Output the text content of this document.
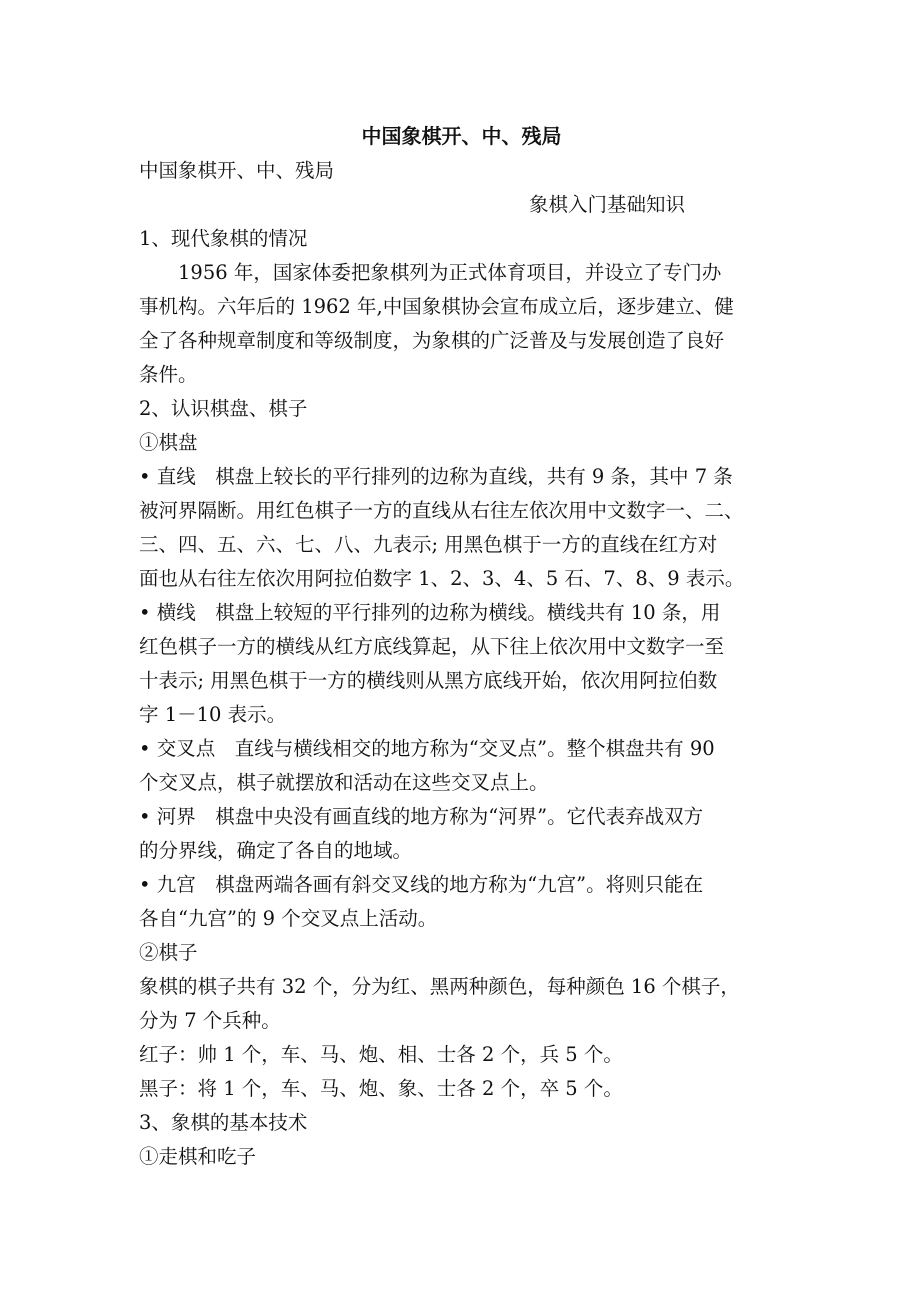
中国象棋开、中、残局
中国象棋开、中、残局
象棋入门基础知识
1、现代象棋的情况
1956 年，国家体委把象棋列为正式体育项目，并设立了专门办
事机构。六年后的 1962 年,中国象棋协会宣布成立后，逐步建立、健
全了各种规章制度和等级制度，为象棋的广泛普及与发展创造了良好
条件。
2、认识棋盘、棋子
①棋盘
• 直线　棋盘上较长的平行排列的边称为直线，共有 9 条，其中 7 条
被河界隔断。用红色棋子一方的直线从右往左依次用中文数字一、二、
三、四、五、六、七、八、九表示; 用黑色棋于一方的直线在红方对
面也从右往左依次用阿拉伯数字 1、2、3、4、5 石、7、8、9 表示。
• 横线　棋盘上较短的平行排列的边称为横线。横线共有 10 条，用
红色棋子一方的横线从红方底线算起，从下往上依次用中文数字一至
十表示; 用黑色棋于一方的横线则从黑方底线开始，依次用阿拉伯数
字 1－10 表示。
• 交叉点　直线与横线相交的地方称为“交叉点”。整个棋盘共有 90
个交叉点，棋子就摆放和活动在这些交叉点上。
• 河界　棋盘中央没有画直线的地方称为“河界”。它代表弃战双方
的分界线，确定了各自的地域。
• 九宫　棋盘两端各画有斜交叉线的地方称为“九宫”。将则只能在
各自“九宫”的 9 个交叉点上活动。
②棋子
象棋的棋子共有 32 个，分为红、黑两种颜色，每种颜色 16 个棋子，
分为 7 个兵种。
红子：帅 1 个，车、马、炮、相、士各 2 个，兵 5 个。
黑子：将 1 个，车、马、炮、象、士各 2 个，卒 5 个。
3、象棋的基本技术
①走棋和吃子
